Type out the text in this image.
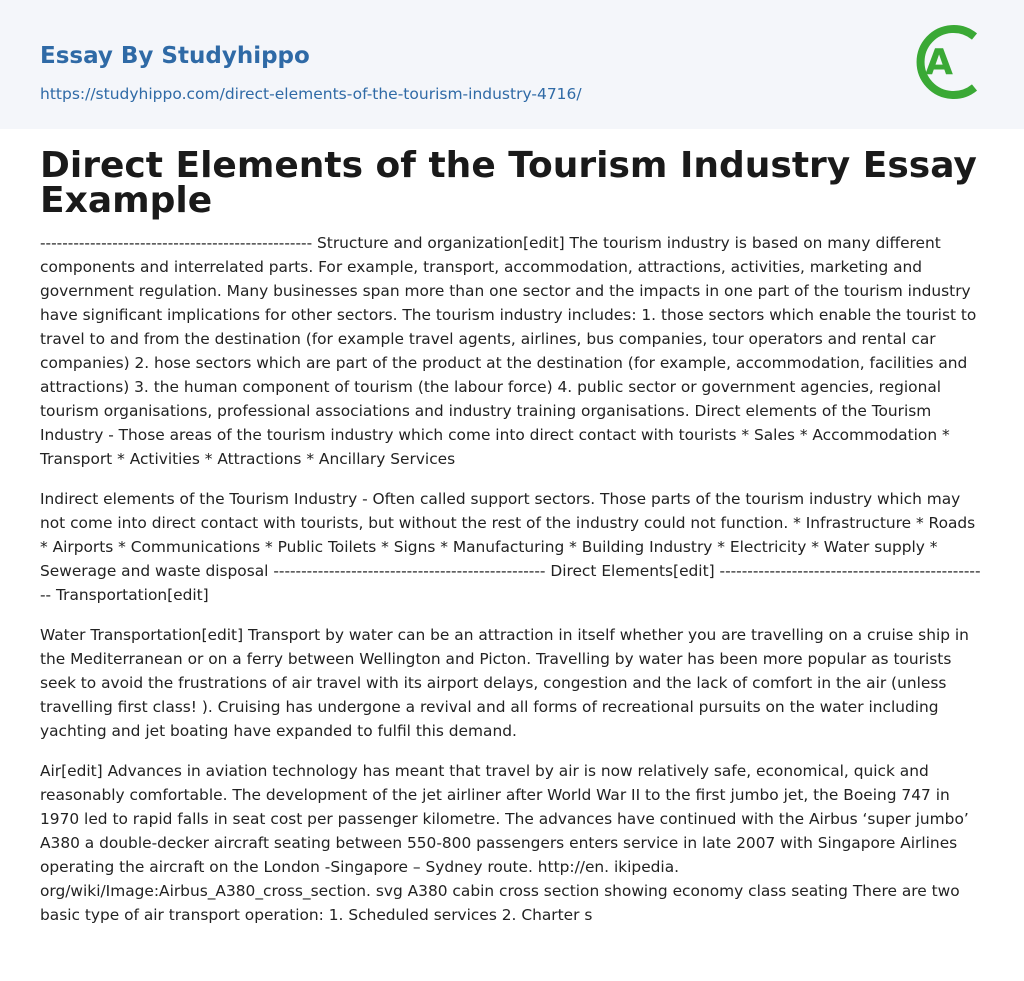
Essay By Studyhippo
https://studyhippo.com/direct-elements-of-the-tourism-industry-4716/
A
Direct Elements of the Tourism Industry Essay Example

------------------------------------------------- Structure and organization[edit] The tourism industry is based on many different components and interrelated parts. For example, transport, accommodation, attractions, activities, marketing and government regulation. Many businesses span more than one sector and the impacts in one part of the tourism industry have significant implications for other sectors. The tourism industry includes: 1. those sectors which enable the tourist to travel to and from the destination (for example travel agents, airlines, bus companies, tour operators and rental car companies) 2. hose sectors which are part of the product at the destination (for example, accommodation, facilities and attractions) 3. the human component of tourism (the labour force) 4. public sector or government agencies, regional tourism organisations, professional associations and industry training organisations. Direct elements of the Tourism Industry - Those areas of the tourism industry which come into direct contact with tourists * Sales * Accommodation * Transport * Activities * Attractions * Ancillary Services

Indirect elements of the Tourism Industry - Often called support sectors. Those parts of the tourism industry which may not come into direct contact with tourists, but without the rest of the industry could not function. * Infrastructure * Roads * Airports * Communications * Public Toilets * Signs * Manufacturing * Building Industry * Electricity * Water supply * Sewerage and waste disposal ------------------------------------------------- Direct Elements[edit] ------------------------------------------------- Transportation[edit]

Water Transportation[edit] Transport by water can be an attraction in itself whether you are travelling on a cruise ship in the Mediterranean or on a ferry between Wellington and Picton. Travelling by water has been more popular as tourists seek to avoid the frustrations of air travel with its airport delays, congestion and the lack of comfort in the air (unless travelling first class! ). Cruising has undergone a revival and all forms of recreational pursuits on the water including yachting and jet boating have expanded to fulfil this demand.

Air[edit] Advances in aviation technology has meant that travel by air is now relatively safe, economical, quick and reasonably comfortable. The development of the jet airliner after World War II to the first jumbo jet, the Boeing 747 in 1970 led to rapid falls in seat cost per passenger kilometre. The advances have continued with the Airbus ‘super jumbo’ A380 a double-decker aircraft seating between 550-800 passengers enters service in late 2007 with Singapore Airlines operating the aircraft on the London -Singapore – Sydney route. http://en. ikipedia. org/wiki/Image:Airbus_A380_cross_section. svg A380 cabin cross section showing economy class seating There are two basic type of air transport operation: 1. Scheduled services 2. Charter s
